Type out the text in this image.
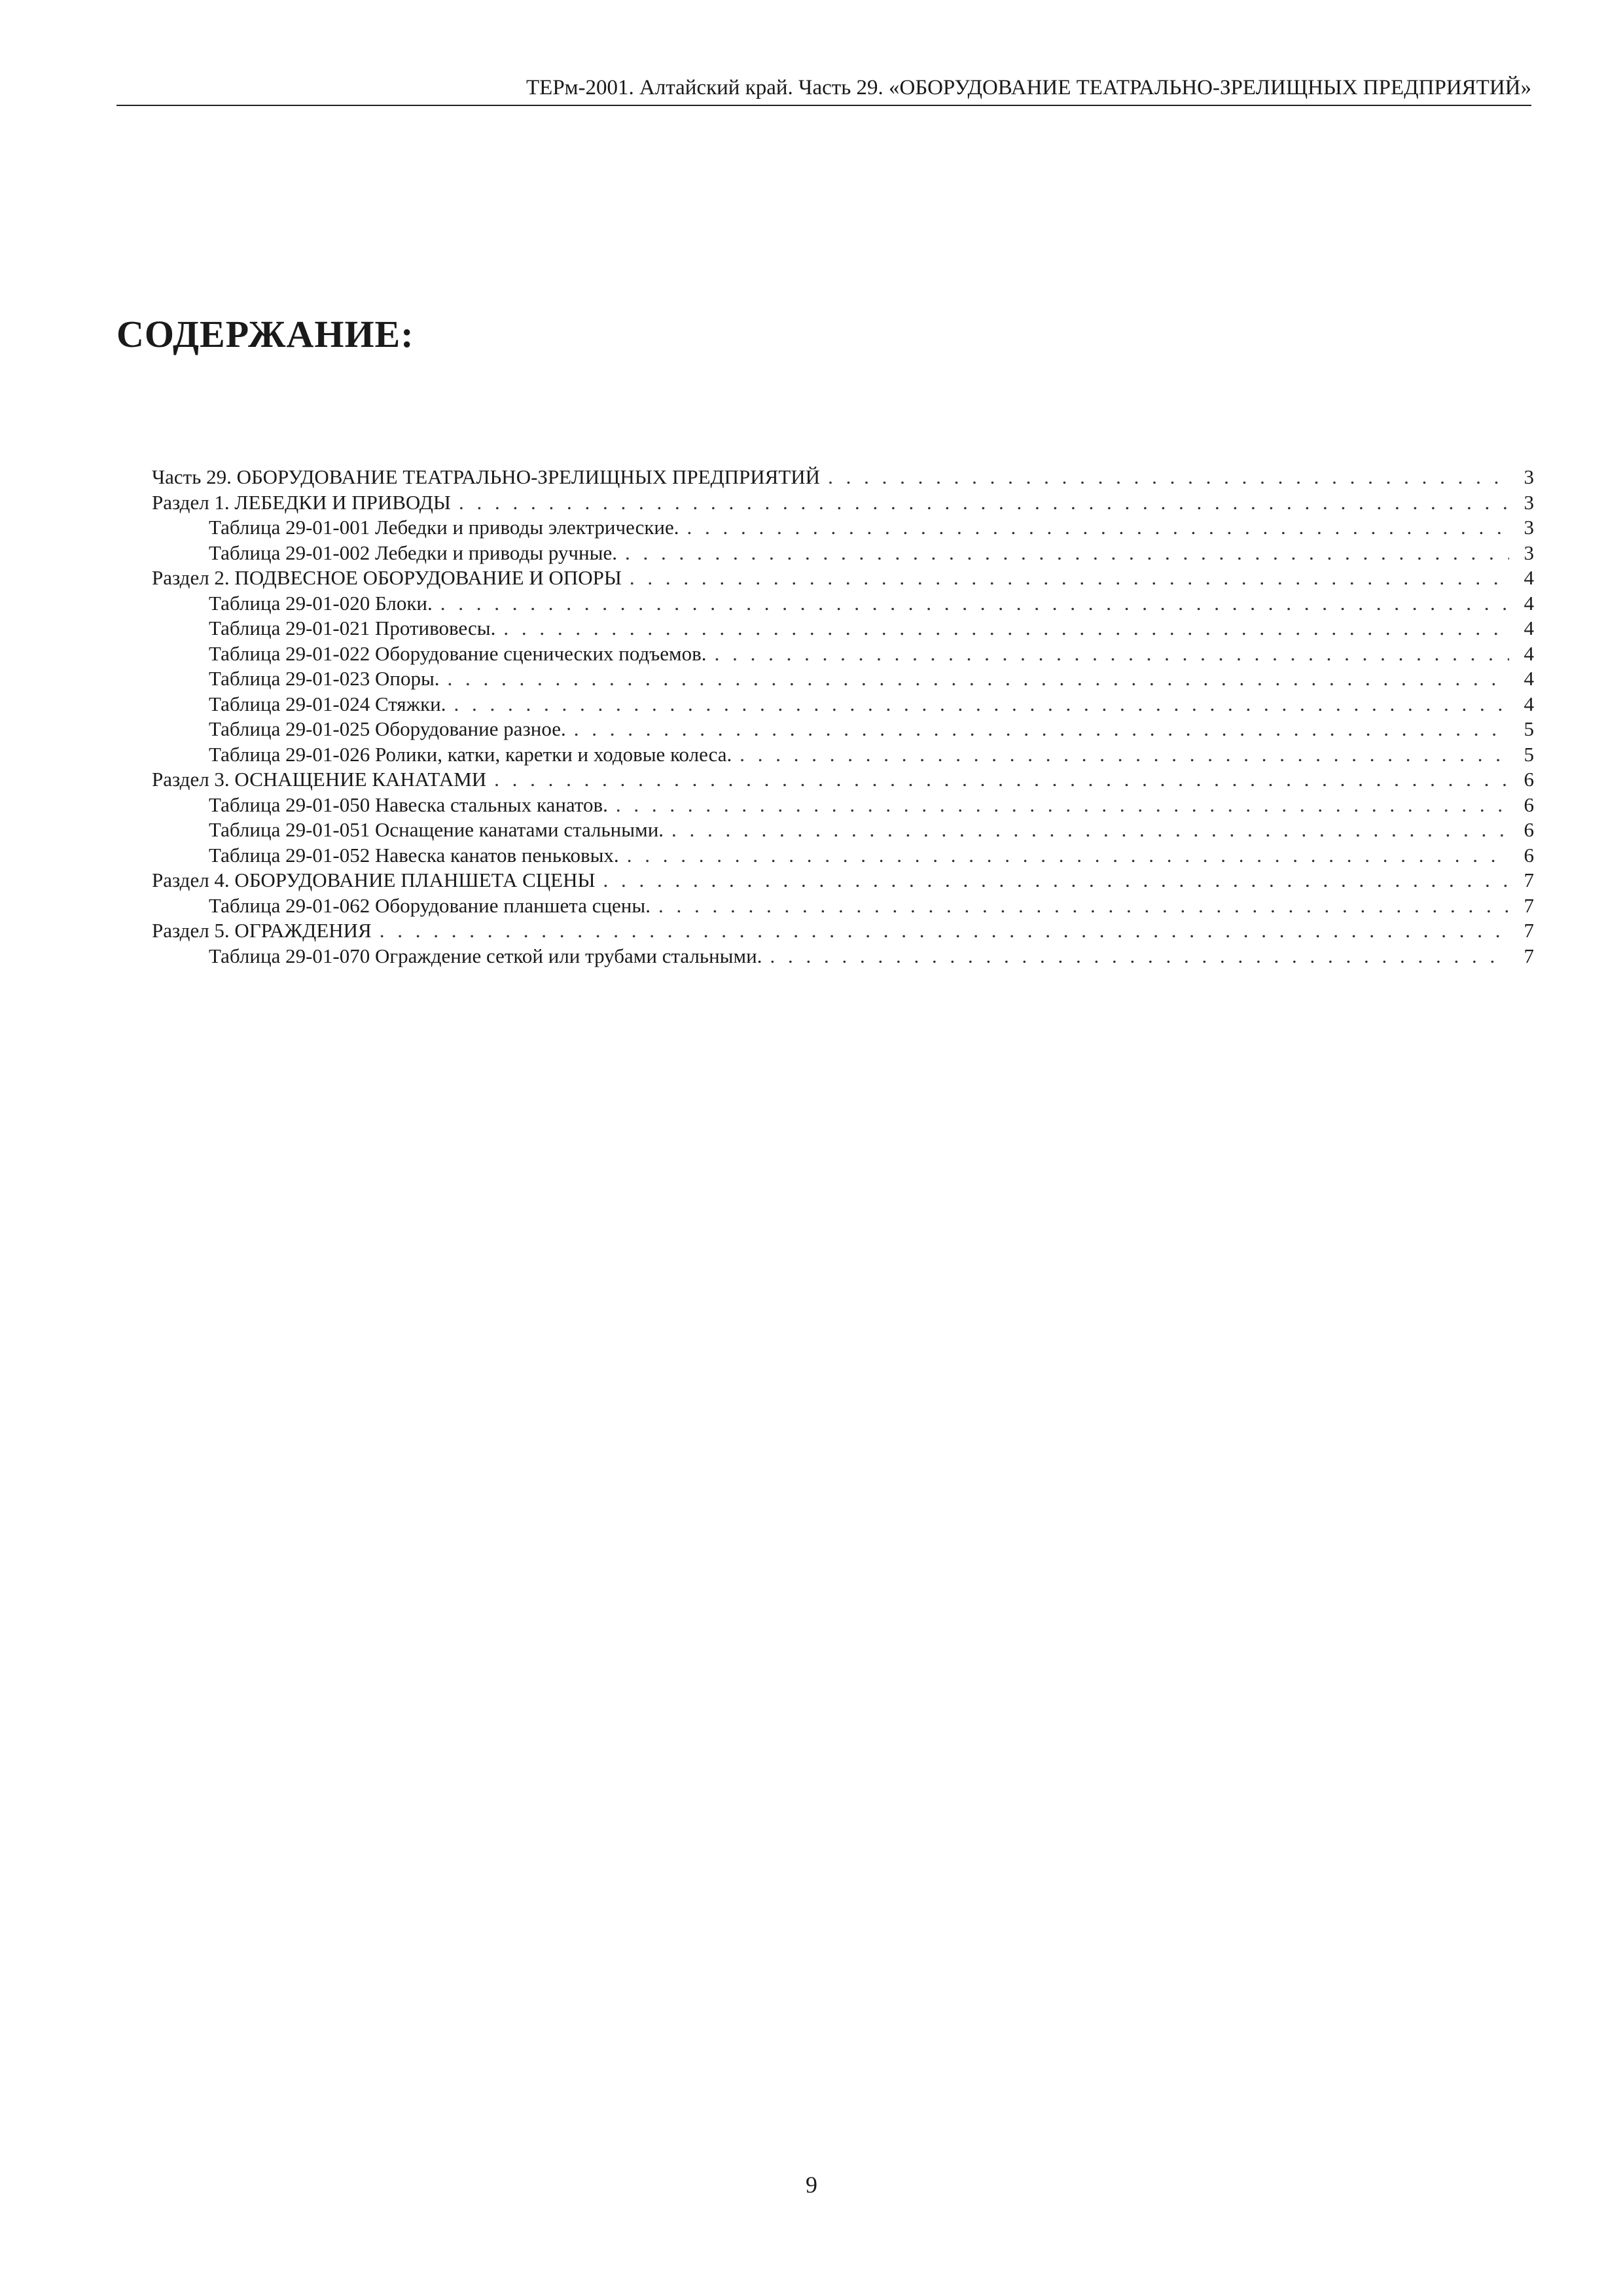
ТЕРм-2001. Алтайский край. Часть 29. «ОБОРУДОВАНИЕ ТЕАТРАЛЬНО-ЗРЕЛИЩНЫХ ПРЕДПРИЯТИЙ»
СОДЕРЖАНИЕ:
Часть 29. ОБОРУДОВАНИЕ ТЕАТРАЛЬНО-ЗРЕЛИЩНЫХ ПРЕДПРИЯТИЙ . . .	3
Раздел 1. ЛЕБЕДКИ И ПРИВОДЫ . . .	3
Таблица 29-01-001 Лебедки и приводы электрические. . . .	3
Таблица 29-01-002 Лебедки и приводы ручные. . . .	3
Раздел 2. ПОДВЕСНОЕ ОБОРУДОВАНИЕ И ОПОРЫ . . .	4
Таблица 29-01-020 Блоки. . . .	4
Таблица 29-01-021 Противовесы. . . .	4
Таблица 29-01-022 Оборудование сценических подъемов. . . .	4
Таблица 29-01-023 Опоры. . . .	4
Таблица 29-01-024 Стяжки. . . .	4
Таблица 29-01-025 Оборудование разное. . . .	5
Таблица 29-01-026 Ролики, катки, каретки и ходовые колеса. . . .	5
Раздел 3. ОСНАЩЕНИЕ КАНАТАМИ . . .	6
Таблица 29-01-050 Навеска стальных канатов. . . .	6
Таблица 29-01-051 Оснащение канатами стальными. . . .	6
Таблица 29-01-052 Навеска канатов пеньковых. . . .	6
Раздел 4. ОБОРУДОВАНИЕ ПЛАНШЕТА СЦЕНЫ . . .	7
Таблица 29-01-062 Оборудование планшета сцены. . . .	7
Раздел 5. ОГРАЖДЕНИЯ . . .	7
Таблица 29-01-070 Ограждение сеткой или трубами стальными. . . .	7
9
